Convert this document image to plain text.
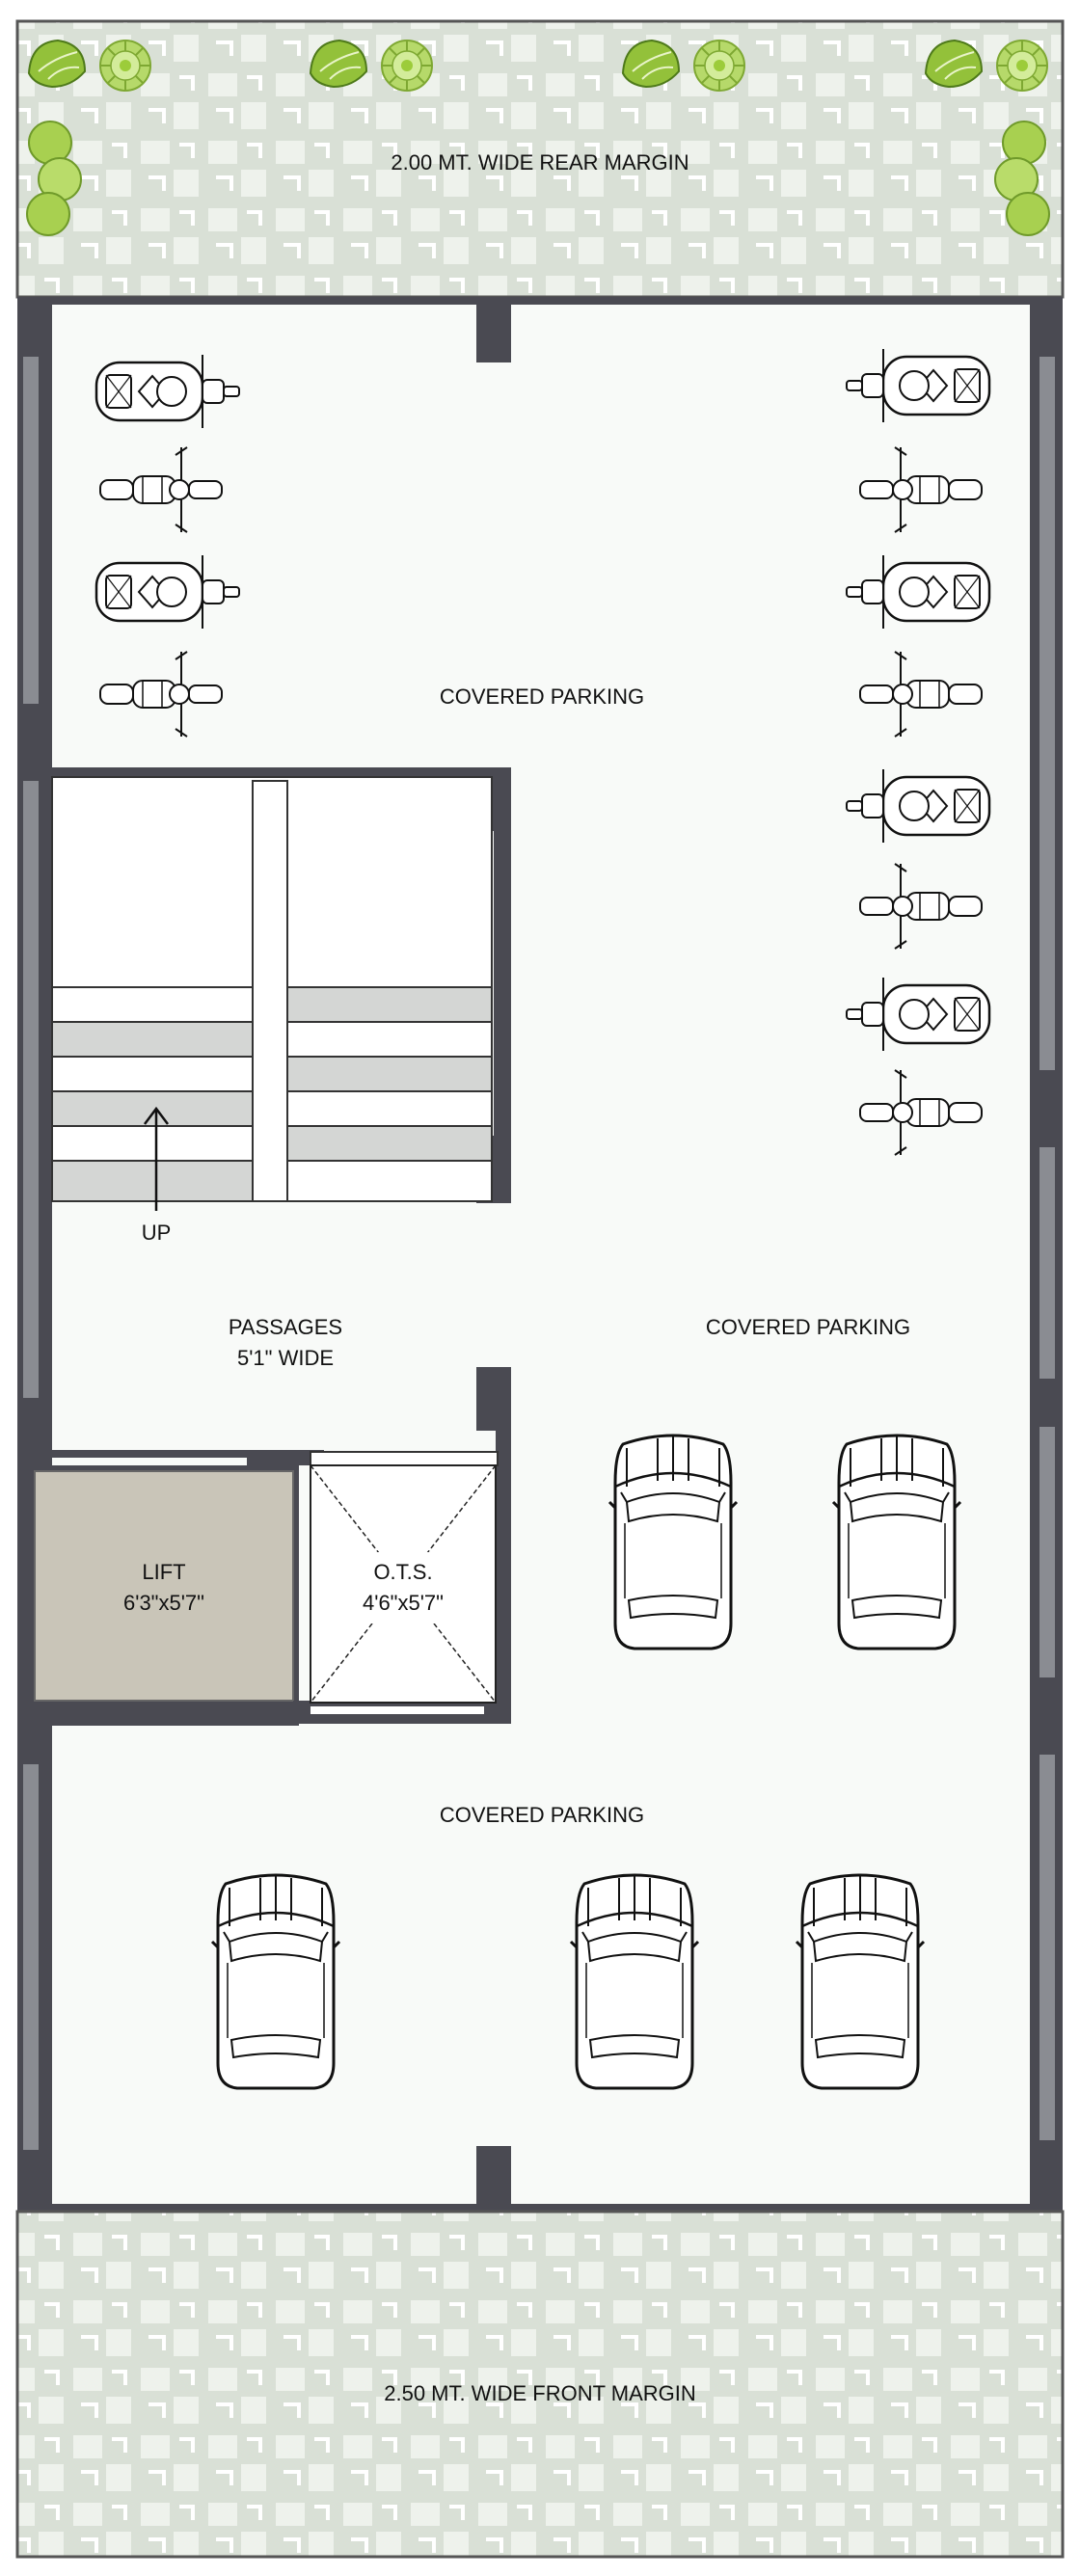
2.00 MT. WIDE REAR MARGIN
COVERED PARKING
UP
PASSAGES
5'1" WIDE
COVERED PARKING
LIFT
6'3"x5'7"
O.T.S.
4'6"x5'7"
COVERED PARKING
2.50 MT. WIDE FRONT MARGIN
